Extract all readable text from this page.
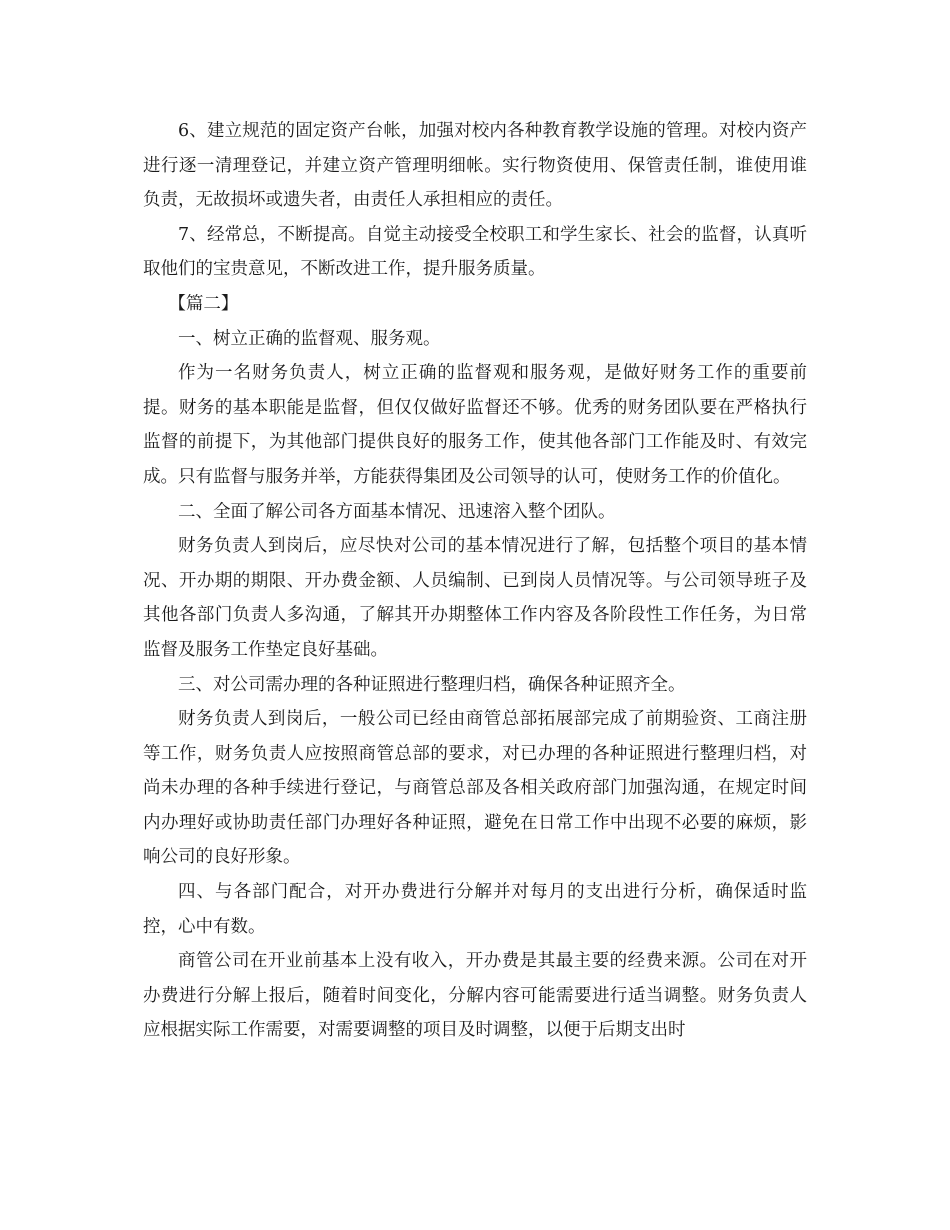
6、建立规范的固定资产台帐，加强对校内各种教育教学设施的管理。对校内资产进行逐一清理登记，并建立资产管理明细帐。实行物资使用、保管责任制，谁使用谁负责，无故损坏或遗失者，由责任人承担相应的责任。

7、经常总，不断提高。自觉主动接受全校职工和学生家长、社会的监督，认真听取他们的宝贵意见，不断改进工作，提升服务质量。

【篇二】

一、树立正确的监督观、服务观。

作为一名财务负责人，树立正确的监督观和服务观，是做好财务工作的重要前提。财务的基本职能是监督，但仅仅做好监督还不够。优秀的财务团队要在严格执行监督的前提下，为其他部门提供良好的服务工作，使其他各部门工作能及时、有效完成。只有监督与服务并举，方能获得集团及公司领导的认可，使财务工作的价值化。

二、全面了解公司各方面基本情况、迅速溶入整个团队。

财务负责人到岗后，应尽快对公司的基本情况进行了解，包括整个项目的基本情况、开办期的期限、开办费金额、人员编制、已到岗人员情况等。与公司领导班子及其他各部门负责人多沟通，了解其开办期整体工作内容及各阶段性工作任务，为日常监督及服务工作垫定良好基础。

三、对公司需办理的各种证照进行整理归档，确保各种证照齐全。

财务负责人到岗后，一般公司已经由商管总部拓展部完成了前期验资、工商注册等工作，财务负责人应按照商管总部的要求，对已办理的各种证照进行整理归档，对尚未办理的各种手续进行登记，与商管总部及各相关政府部门加强沟通，在规定时间内办理好或协助责任部门办理好各种证照，避免在日常工作中出现不必要的麻烦，影响公司的良好形象。

四、与各部门配合，对开办费进行分解并对每月的支出进行分析，确保适时监控，心中有数。

商管公司在开业前基本上没有收入，开办费是其最主要的经费来源。公司在对开办费进行分解上报后，随着时间变化，分解内容可能需要进行适当调整。财务负责人应根据实际工作需要，对需要调整的项目及时调整，以便于后期支出时
